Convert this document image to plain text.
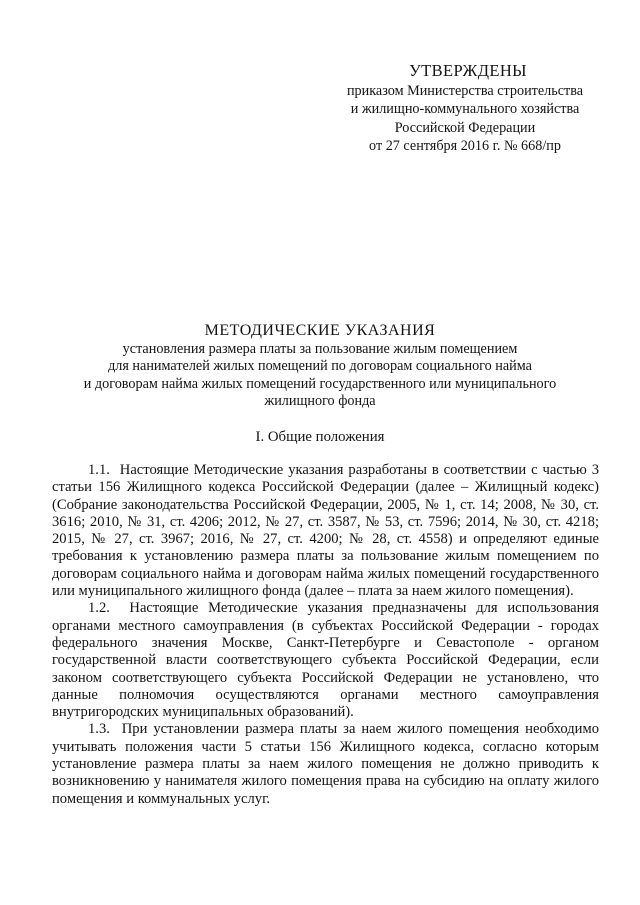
УТВЕРЖДЕНЫ
приказом Министерства строительства
и жилищно-коммунального хозяйства
Российской Федерации
от 27 сентября 2016 г. № 668/пр
МЕТОДИЧЕСКИЕ УКАЗАНИЯ
установления размера платы за пользование жилым помещением
для нанимателей жилых помещений по договорам социального найма
и договорам найма жилых помещений государственного или муниципального
жилищного фонда
I. Общие положения

1.1.  Настоящие Методические указания разработаны в соответствии с частью 3 статьи 156 Жилищного кодекса Российской Федерации (далее – Жилищный кодекс) (Собрание законодательства Российской Федерации, 2005, № 1, ст. 14; 2008, № 30, ст. 3616; 2010, № 31, ст. 4206; 2012, № 27, ст. 3587, № 53, ст. 7596; 2014, № 30, ст. 4218; 2015, № 27, ст. 3967; 2016, № 27, ст. 4200; № 28, ст. 4558) и определяют единые требования к установлению размера платы за пользование жилым помещением по договорам социального найма и договорам найма жилых помещений государственного или муниципального жилищного фонда (далее – плата за наем жилого помещения).

1.2.  Настоящие Методические указания предназначены для использования органами местного самоуправления (в субъектах Российской Федерации - городах федерального значения Москве, Санкт-Петербурге и Севастополе - органом государственной власти соответствующего субъекта Российской Федерации, если законом соответствующего субъекта Российской Федерации не установлено, что данные полномочия осуществляются органами местного самоуправления внутригородских муниципальных образований).

1.3.  При установлении размера платы за наем жилого помещения необходимо учитывать положения части 5 статьи 156 Жилищного кодекса, согласно которым установление размера платы за наем жилого помещения не должно приводить к возникновению у нанимателя жилого помещения права на субсидию на оплату жилого помещения и коммунальных услуг.
